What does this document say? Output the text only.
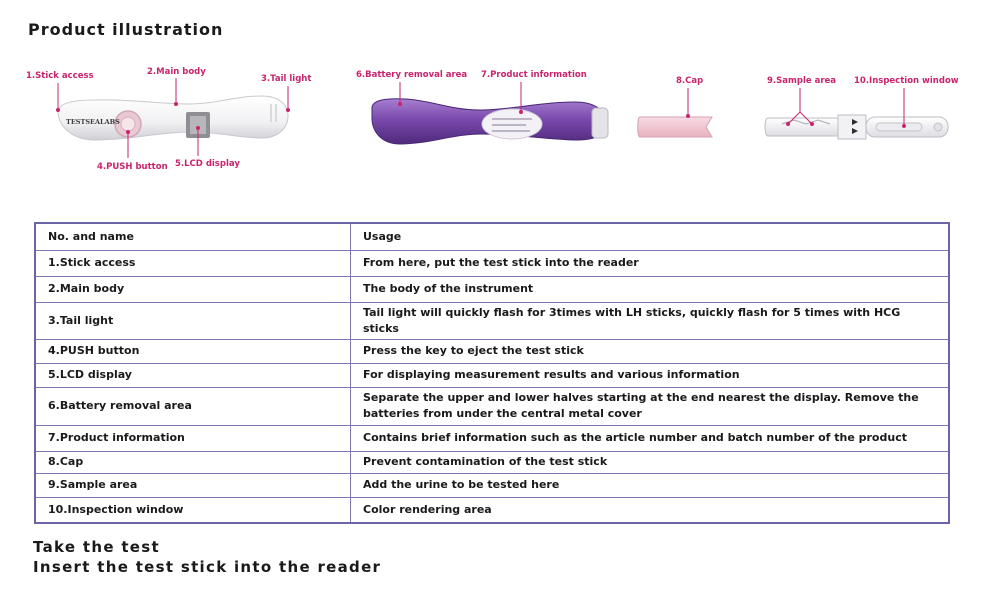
Product illustration
TESTSEALABS
1.Stick access	2.Main body
3.Tail light
4.PUSH button 5.LCD display
6.Battery removal area 7.Product information
8.Cap	9.Sample area 10.Inspection window
No. and name	Usage
1.Stick access	From here, put the test stick into the reader
2.Main body	The body of the instrument
3.Tail light	Tail light will quickly flash for 3times with LH sticks, quickly flash for 5 times with HCG sticks
4.PUSH button	Press the key to eject the test stick
5.LCD display	For displaying measurement results and various information
6.Battery removal area	Separate the upper and lower halves starting at the end nearest the display. Remove the batteries from under the central metal cover
7.Product information	Contains brief information such as the article number and batch number of the product
8.Cap	Prevent contamination of the test stick
9.Sample area	Add the urine to be tested here
10.Inspection window	Color rendering area
Take the test
Insert the test stick into the reader
